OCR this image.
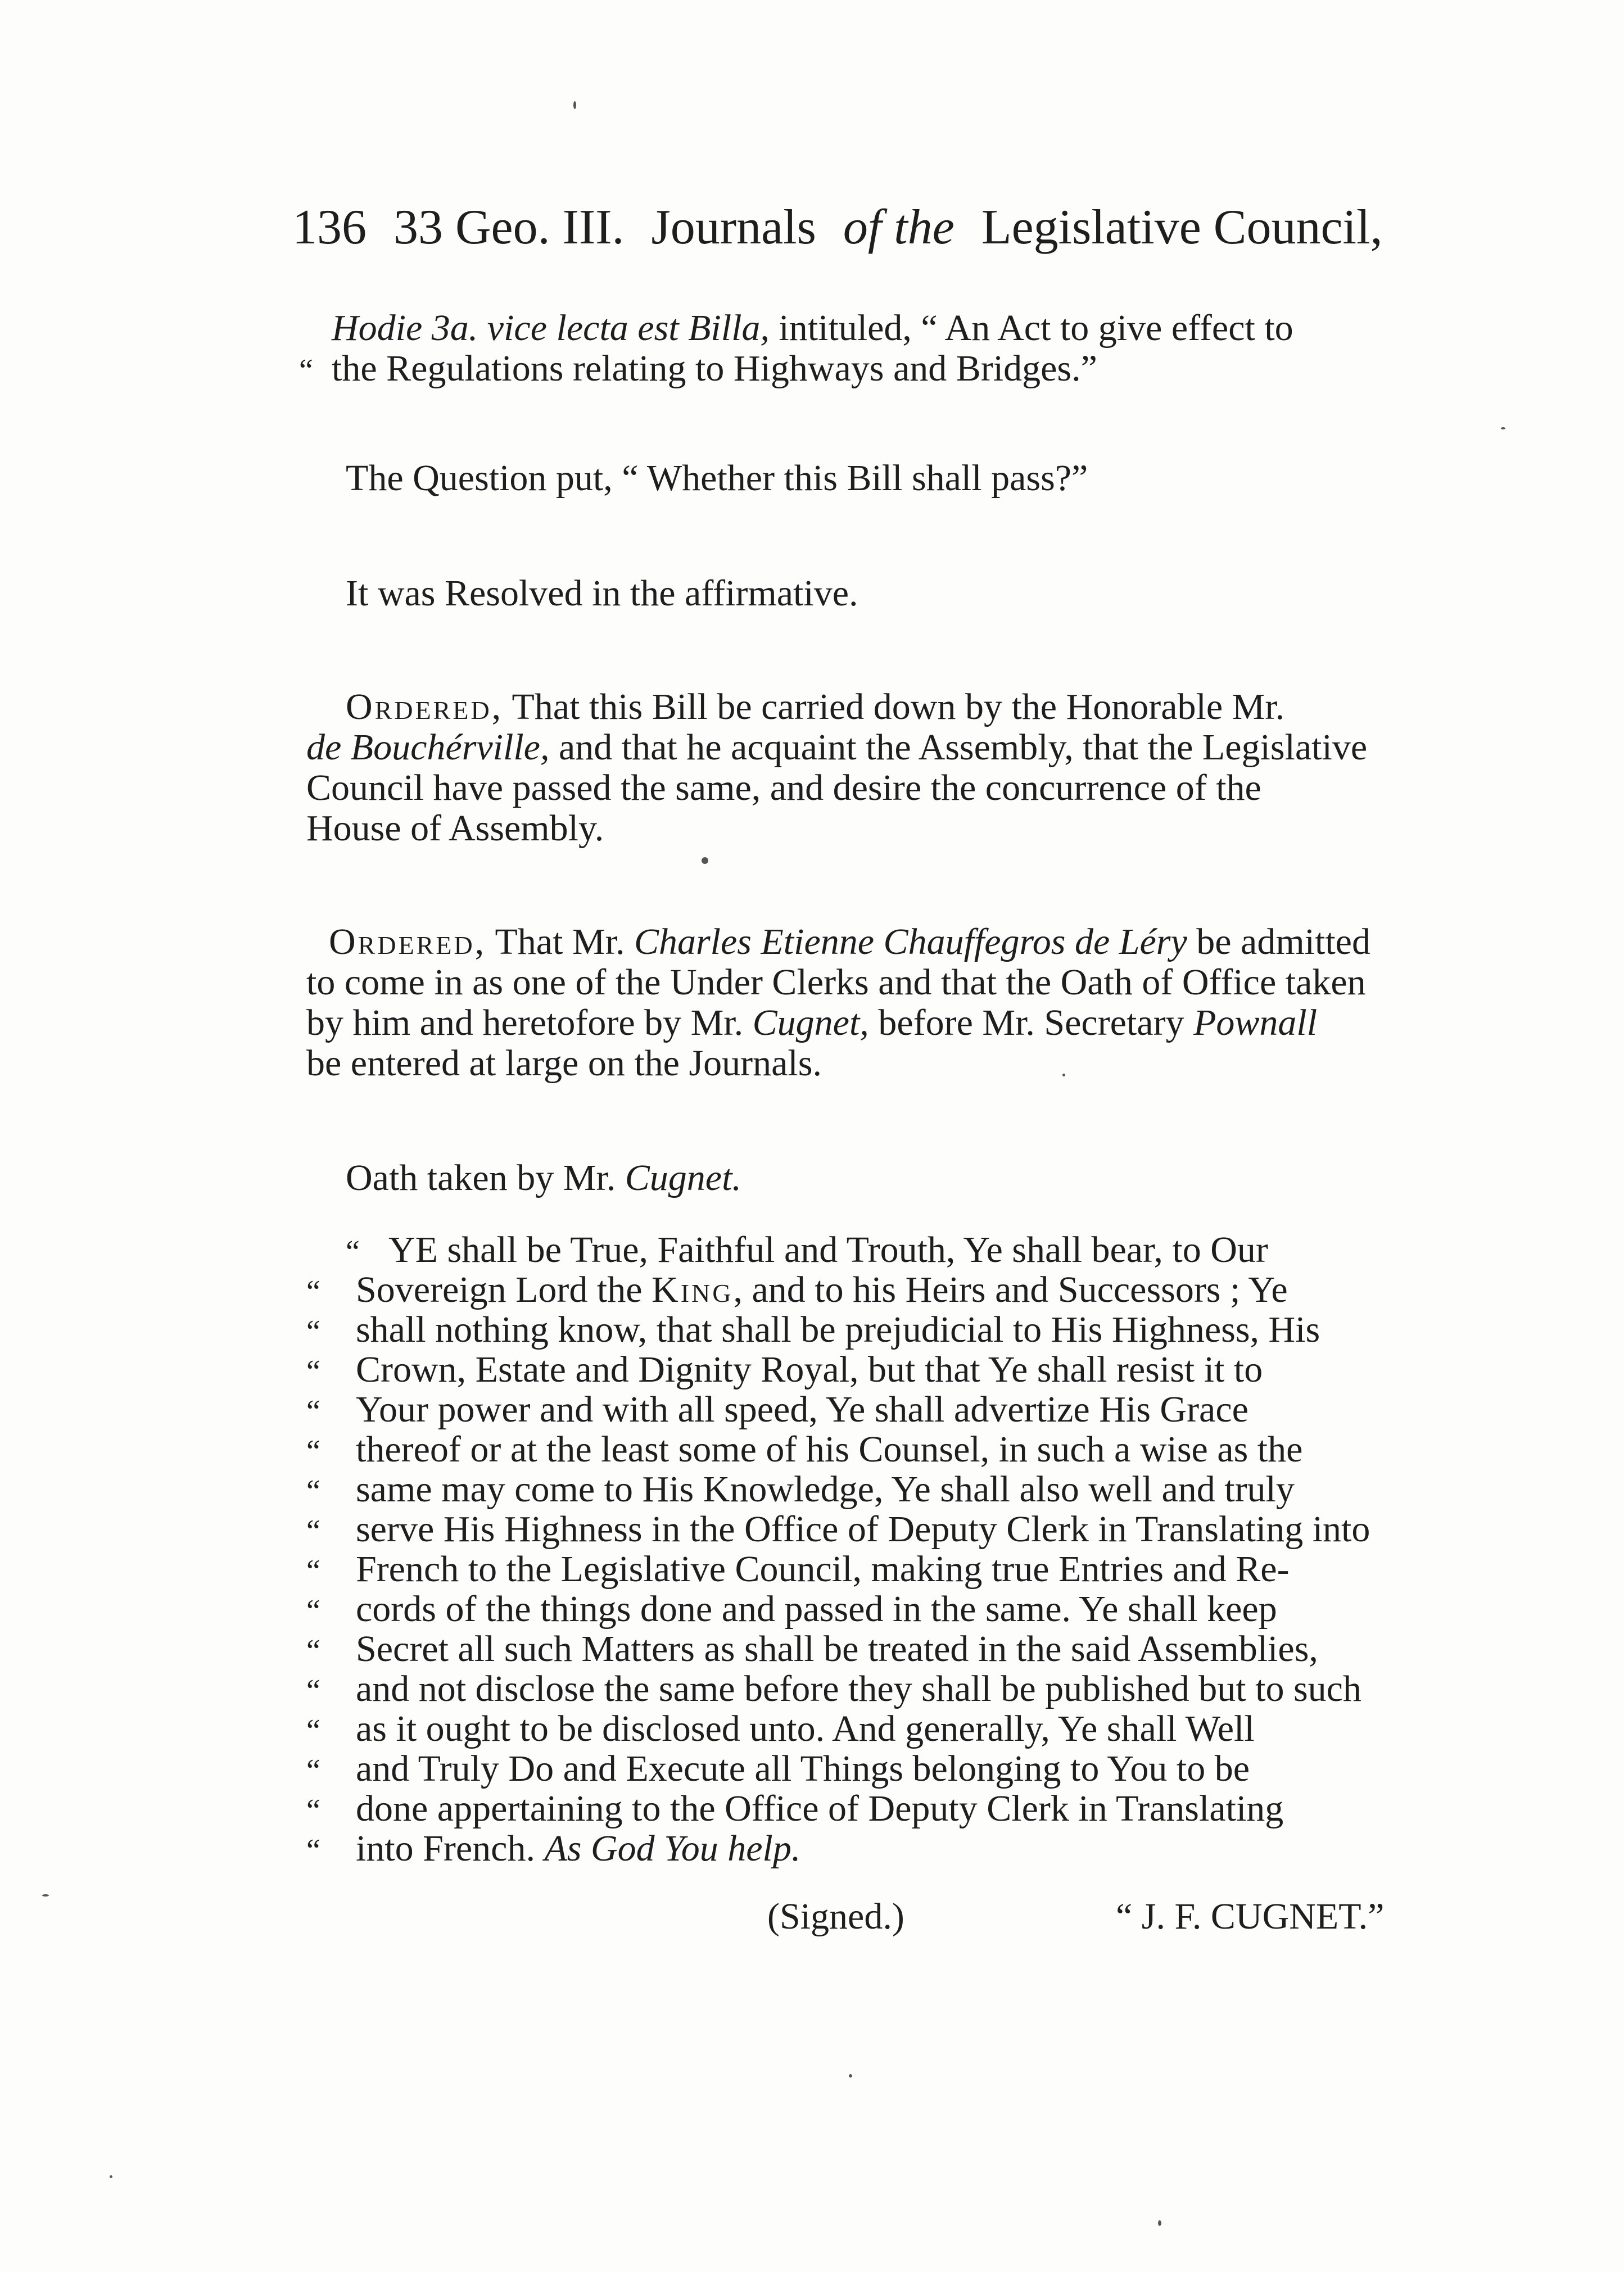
136 33 Geo. III. Journals of the Legislative Council,
Hodie 3a. vice lecta est Billa, intituled, “ An Act to give effect to
“ the Regulations relating to Highways and Bridges.”
The Question put, “ Whether this Bill shall pass?”
It was Resolved in the affirmative.
Ordered, That this Bill be carried down by the Honorable Mr.
de Bouchérville, and that he acquaint the Assembly, that the Legislative
Council have passed the same, and desire the concurrence of the
House of Assembly.
Ordered, That Mr. Charles Etienne Chauffegros de Léry be admitted
to come in as one of the Under Clerks and that the Oath of Office taken
by him and heretofore by Mr. Cugnet, before Mr. Secretary Pownall
be entered at large on the Journals.
Oath taken by Mr. Cugnet.
“ YE shall be True, Faithful and Trouth, Ye shall bear, to Our
“ Sovereign Lord the King, and to his Heirs and Successors ; Ye
“ shall nothing know, that shall be prejudicial to His Highness, His
“ Crown, Estate and Dignity Royal, but that Ye shall resist it to
“ Your power and with all speed, Ye shall advertize His Grace
“ thereof or at the least some of his Counsel, in such a wise as the
“ same may come to His Knowledge, Ye shall also well and truly
“ serve His Highness in the Office of Deputy Clerk in Translating into
“ French to the Legislative Council, making true Entries and Re-
“ cords of the things done and passed in the same. Ye shall keep
“ Secret all such Matters as shall be treated in the said Assemblies,
“ and not disclose the same before they shall be published but to such
“ as it ought to be disclosed unto. And generally, Ye shall Well
“ and Truly Do and Execute all Things belonging to You to be
“ done appertaining to the Office of Deputy Clerk in Translating
“ into French. As God You help.
(Signed.)	“ J. F. CUGNET.”
